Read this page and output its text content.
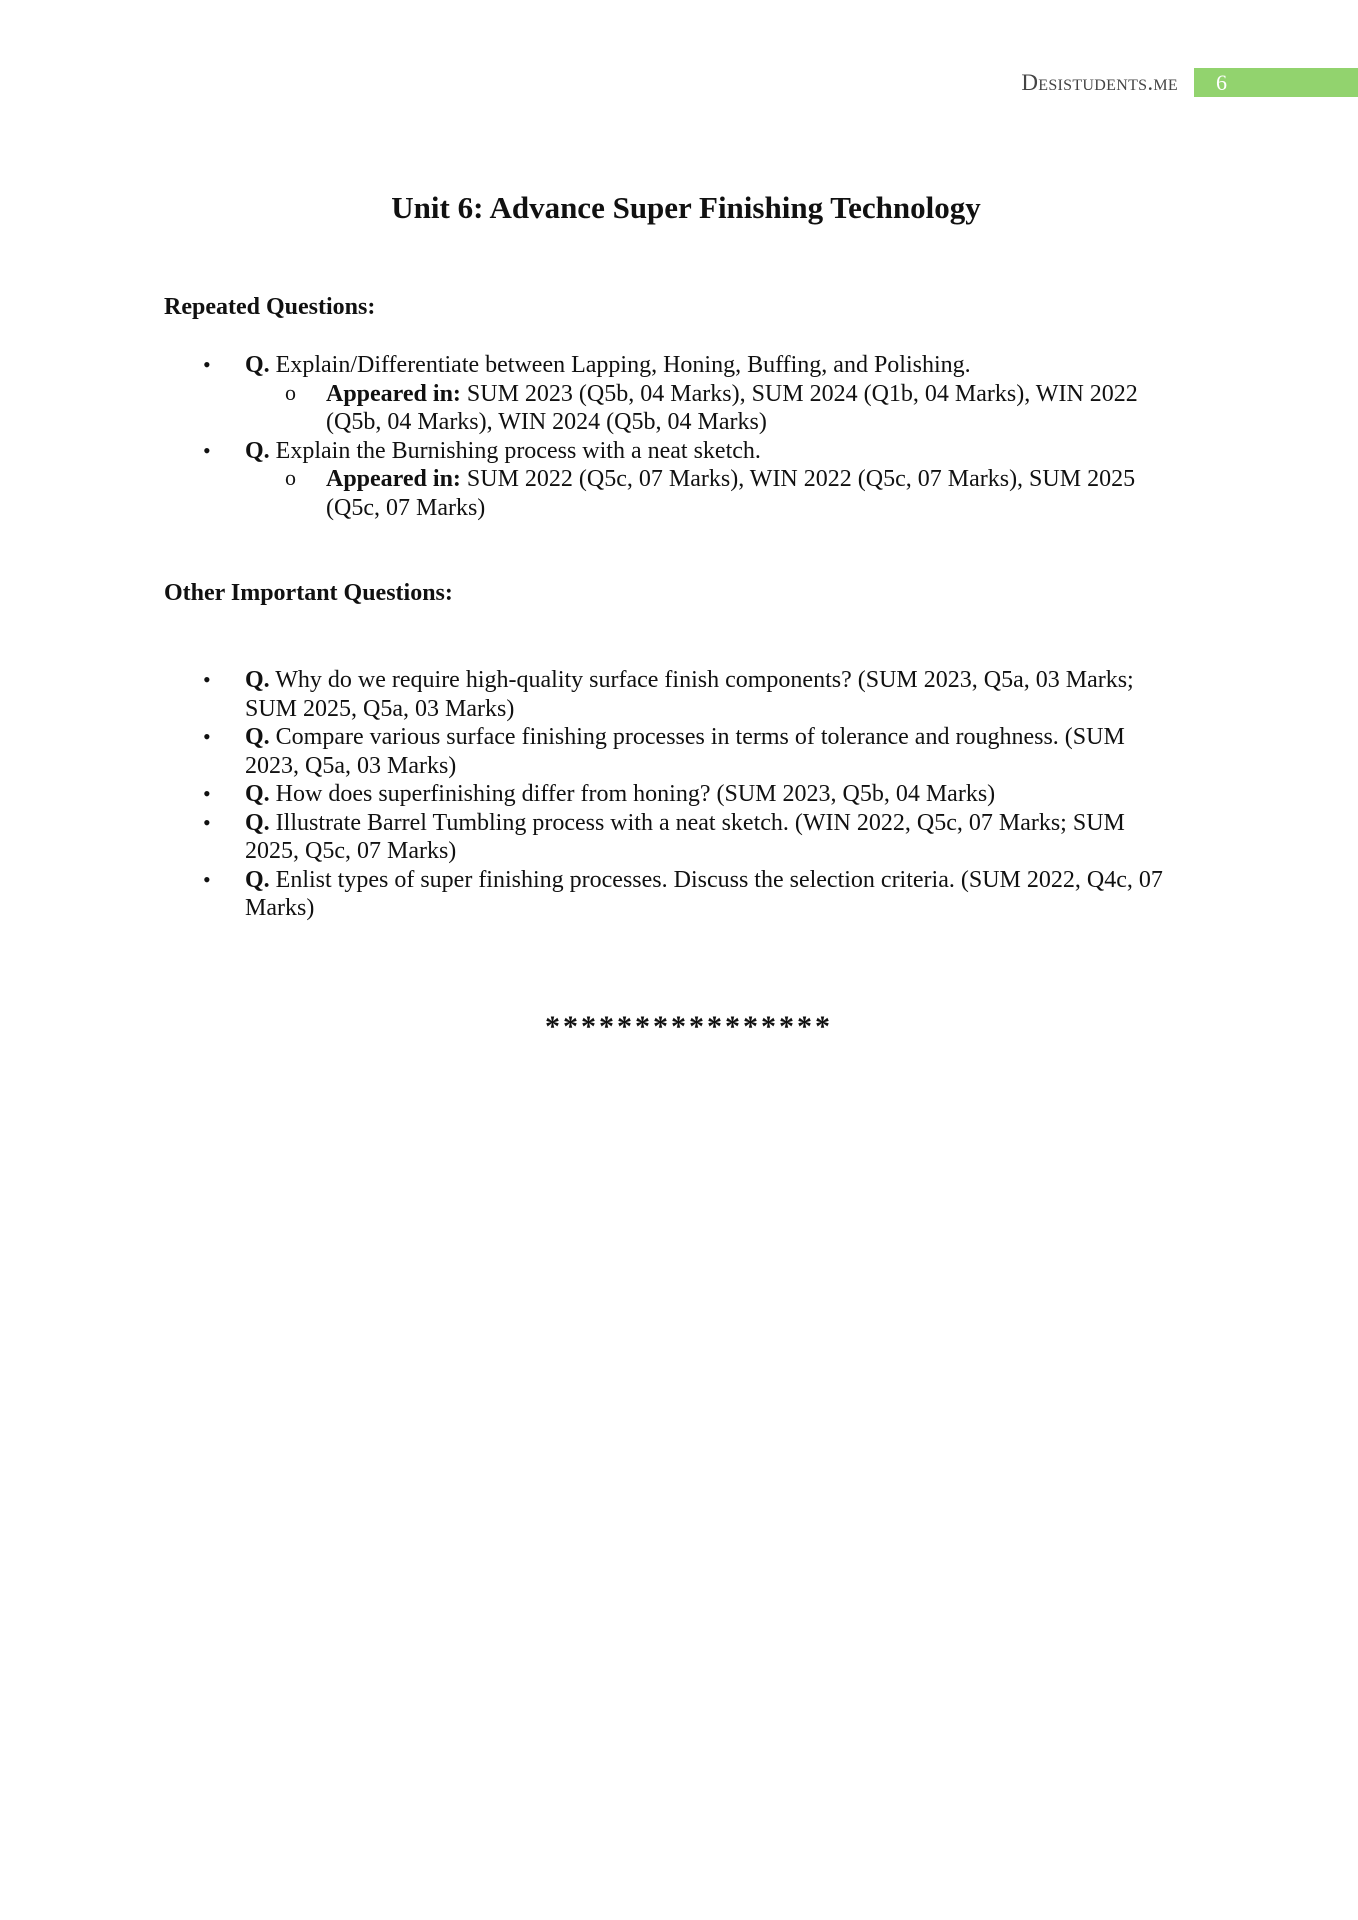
Desistudents.me	6
Unit 6: Advance Super Finishing Technology
Repeated Questions:
• Q. Explain/Differentiate between Lapping, Honing, Buffing, and Polishing.
o Appeared in: SUM 2023 (Q5b, 04 Marks), SUM 2024 (Q1b, 04 Marks), WIN 2022 (Q5b, 04 Marks), WIN 2024 (Q5b, 04 Marks)
• Q. Explain the Burnishing process with a neat sketch.
o Appeared in: SUM 2022 (Q5c, 07 Marks), WIN 2022 (Q5c, 07 Marks), SUM 2025 (Q5c, 07 Marks)
Other Important Questions:
• Q. Why do we require high-quality surface finish components? (SUM 2023, Q5a, 03 Marks; SUM 2025, Q5a, 03 Marks)
• Q. Compare various surface finishing processes in terms of tolerance and roughness. (SUM 2023, Q5a, 03 Marks)
• Q. How does superfinishing differ from honing? (SUM 2023, Q5b, 04 Marks)
• Q. Illustrate Barrel Tumbling process with a neat sketch. (WIN 2022, Q5c, 07 Marks; SUM 2025, Q5c, 07 Marks)
• Q. Enlist types of super finishing processes. Discuss the selection criteria. (SUM 2022, Q4c, 07 Marks)
****************
